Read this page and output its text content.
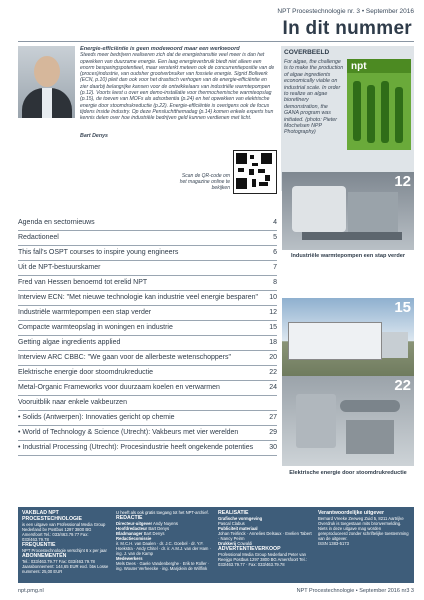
NPT Procestechnologie nr. 3 • September 2016
In dit nummer
Energie-efficiëntie is geen modewoord maar een werkwoord
Steeds meer bedrijven realiseren zich dat de energietransitie veel meer is dan het opwekken van duurzame energie. Een laag energieverbruik biedt niet alleen een enorm besparingspotentieel, maar versterkt meteen ook de concurrentiepositie van de (proces)industrie, van oudsher grootverbruiker van fossiele energie. Sigrid Bollwerk (ECN, p.10) pleit dan ook voor het drastisch verhogen van de energie-efficiëntie en zier daarbij belangrijke kansen voor de ontwikkelaars van industriële warmtepompen (p.12). Voorts leest u over een demo-installatie voor thermochemische warmteopslag (p.15), de toeven van MOFs als adsorbentia (p.24) en het opwekken van elektrische energie door stoomdrukreductie (p.22). Energie-efficiëntie is overigens ook de focus tijdens Inside Industry. Op deze Pensluchtthemadag (p.14) komen enkele experts hun kennis delen over hoe industriële bedrijven geld kunnen verdienen met licht.
Bart Denys
Scan de QR-code om het magazine online te bekijken
COVERBEELD
For algae, the challenge is to make the production of algae ingredients economically viable on industrial scale. In order to realize an algae biorefinery demonstration, the GANA program was initiated. (photo: Pieter Mochelsen NPP Photography)
npt
Agenda en sectornieuws	4
Redactioneel	5
This fall's OSPT courses to inspire young engineers	6
Uit de NPT-bestuurskamer	7
Fred van Hessen benoemd tot erelid NPT	8
Interview ECN: "Met nieuwe technologie kan industrie veel energie besparen" 10
Industriële warmtepompen een stap verder	12
Compacte warmteopslag in woningen en industrie	15
Getting algae ingredients applied	18
Interview ARC CBBC: "We gaan voor de allerbeste wetenschoppers"	20
Elektrische energie door stoomdrukreductie	22
Metal-Organic Frameworks voor duurzaam koelen en verwarmen	24
Vooruitblik naar enkele vakbeurzen
• Solids (Antwerpen): Innovaties gericht op chemie	27
• World of Technology & Science (Utrecht): Vakbeurs met vier werelden	29
• Industrial Processing (Utrecht): Procesindustrie heeft ongekende potenties 30
12
Industriële warmtepompen een stap verder
15
22
Elektrische energie door stoomdrukreductie
VAKBLAD NPT PROCESTECHNOLOGIE
is een uitgave van Professional Media Group Nederland bv Postbus 1297 3800 BG Amersfoort Tel.: 033/463.79.77 Fax: 033/463.79.78
FREQUENTIE
NPT Procestechnologie verschijnt 6 x per jaar
ABONNEMENTEN
Tel.: 033/463.79.77 Fax: 033/463.79.78 Jaarabonnement: 144,65 EUR excl. btw Losse nummers: 25,00 EUR
U heeft als ook gratis toegang tot het NPT-archief.
REDACTIE
Directeur-uitgever Andy Nuyens
Hoofdredacteur Bart Denys
Bladmanager Bart Denys
Redactiecomissie
ir. M.C.H. van Daalen · dr. J.C. Goebel · dr. Y.F. Hoekstra · Andy Chitel · dr. ir. A.M.J. van der Ham · ing. J. van de Kamp
Medewerkers
Mels Dees · Gaele Vandenberghe · Erik te Roller · ing. Wouter Verheecke · ing. Marjolein de Willfink
REALISATIE
Grafische vormgeving
Pascal Clabus
Publiciteit materiaal
Johan Teirlinck · Annelies Delsaux · Evelien Tabert · Nancy Peirm
Drukkerij Cowaldi
ADVERTENTIEVERKOOP
Professional Media Group Nederland Peter van Reeijgo Postbus 1297 3800 BG Amersfoort Tel.: 033/463.79.77 · Fax: 033/463.79.78
Verantwoordelijke uitgever
Bernard Vreeke Zeeweg Zuid 5, 8211 Aartrijke
Overdruk is toegestaan mits bronvermelding. Niets in deze uitgave mag worden gereproduceerd zonder schriftelijke toestemming van de uitgever.
ISSN 1383-5173
npt.pmg.nl	NPT Procestechnologie • September 2016 nr3 3
